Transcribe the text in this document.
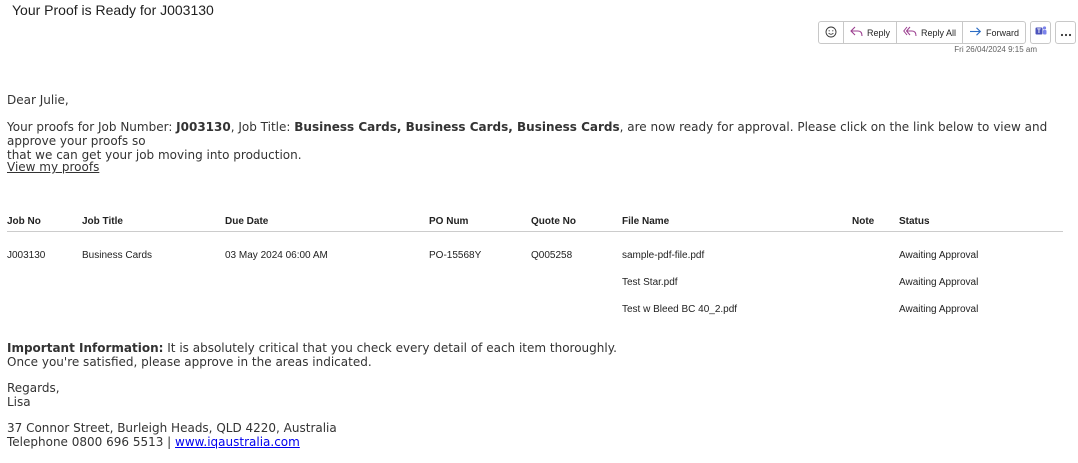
Your Proof is Ready for J003130
Reply	Reply All	Forward	T
Fri 26/04/2024 9:15 am
Dear Julie,
Your proofs for Job Number: J003130, Job Title: Business Cards, Business Cards, Business Cards, are now ready for approval. Please click on the link below to view and approve your proofs so
that we can get your job moving into production.
View my proofs
Job No	Job Title	Due Date	PO Num	Quote No	File Name	Note	Status
J003130	Business Cards	03 May 2024 06:00 AM	PO-15568Y	Q005258	sample-pdf-file.pdf		Awaiting Approval
					Test Star.pdf		Awaiting Approval
					Test w Bleed BC 40_2.pdf		Awaiting Approval
Important Information: It is absolutely critical that you check every detail of each item thoroughly.
Once you're satisfied, please approve in the areas indicated.
Regards,
Lisa
37 Connor Street, Burleigh Heads, QLD 4220, Australia
Telephone 0800 696 5513 | www.iqaustralia.com
